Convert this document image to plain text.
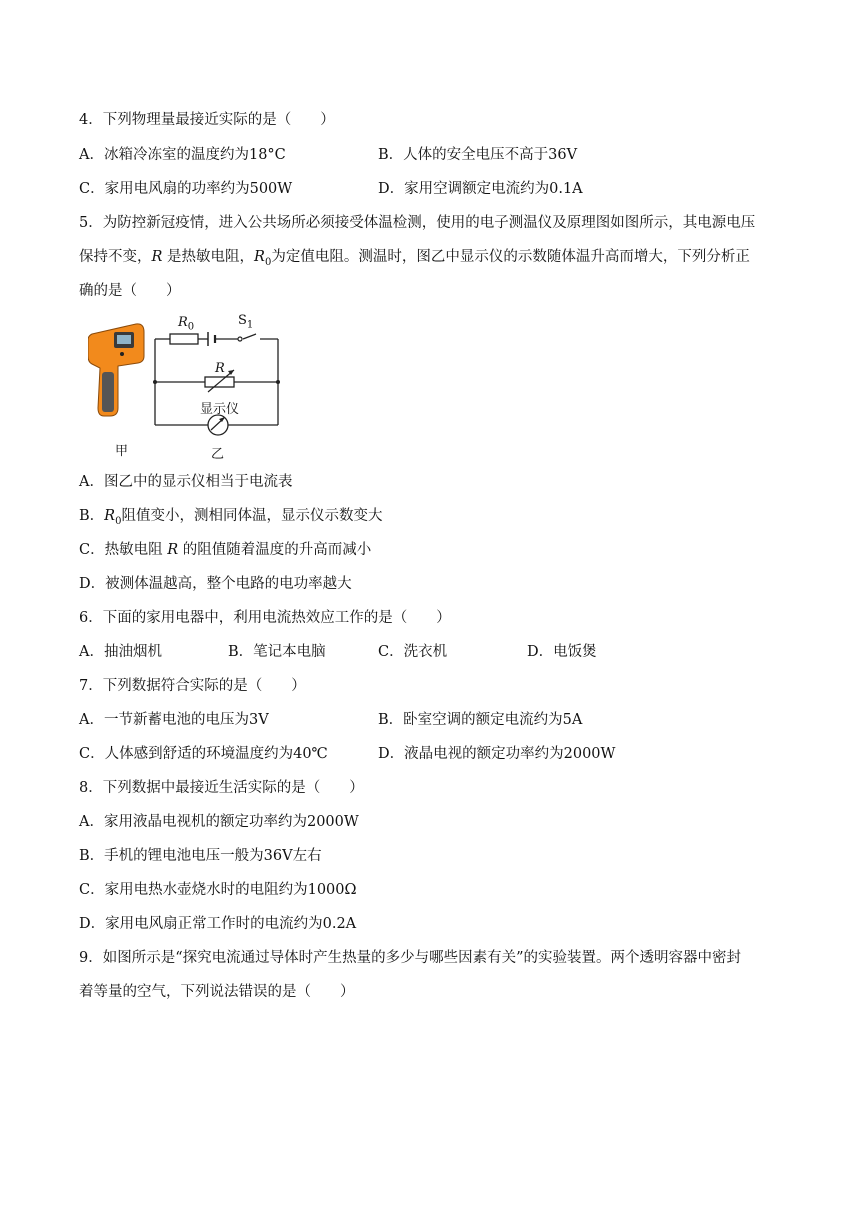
4．下列物理量最接近实际的是（　　）
A．冰箱冷冻室的温度约为18°C	B．人体的安全电压不高于36V
C．家用电风扇的功率约为500W	D．家用空调额定电流约为0.1A
5．为防控新冠疫情，进入公共场所必须接受体温检测，使用的电子测温仪及原理图如图所示，其电源电压
保持不变，R 是热敏电阻，$R_0$为定值电阻。测温时，图乙中显示仪的示数随体温升高而增大，下列分析正
确的是（　　）
甲	乙
$R_0$	$S_1$
R
显示仪
A．图乙中的显示仪相当于电流表
B．$R_0$阻值变小，测相同体温，显示仪示数变大
C．热敏电阻 R 的阻值随着温度的升高而减小
D．被测体温越高，整个电路的电功率越大
6．下面的家用电器中，利用电流热效应工作的是（　　）
A．抽油烟机	B．笔记本电脑	C．洗衣机	D．电饭煲
7．下列数据符合实际的是（　　）
A．一节新蓄电池的电压为3V	B．卧室空调的额定电流约为5A
C．人体感到舒适的环境温度约为40℃	D．液晶电视的额定功率约为2000W
8．下列数据中最接近生活实际的是（　　）
A．家用液晶电视机的额定功率约为2000W
B．手机的锂电池电压一般为36V左右
C．家用电热水壶烧水时的电阻约为1000Ω
D．家用电风扇正常工作时的电流约为0.2A
9．如图所示是“探究电流通过导体时产生热量的多少与哪些因素有关”的实验装置。两个透明容器中密封
着等量的空气，下列说法错误的是（　　）
